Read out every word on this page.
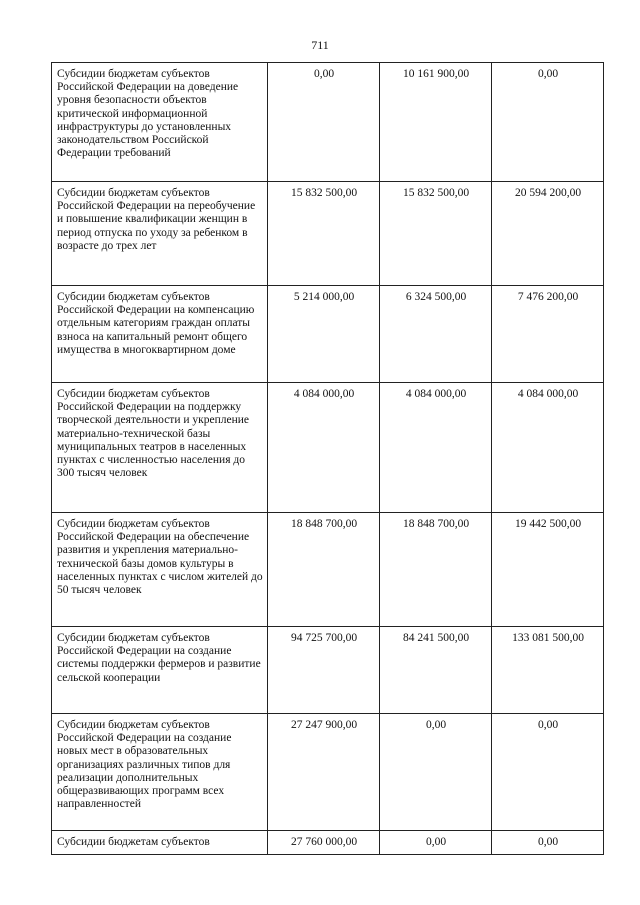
711
Субсидии бюджетам субъектов Российской Федерации на доведение уровня безопасности объектов критической информационной инфраструктуры до установленных законодательством Российской Федерации требований	0,00	10 161 900,00	0,00
Субсидии бюджетам субъектов Российской Федерации на переобучение и повышение квалификации женщин в период отпуска по уходу за ребенком в возрасте до трех лет	15 832 500,00	15 832 500,00	20 594 200,00
Субсидии бюджетам субъектов Российской Федерации на компенсацию отдельным категориям граждан оплаты взноса на капитальный ремонт общего имущества в многоквартирном доме	5 214 000,00	6 324 500,00	7 476 200,00
Субсидии бюджетам субъектов Российской Федерации на поддержку творческой деятельности и укрепление материально-технической базы муниципальных театров в населенных пунктах с численностью населения до 300 тысяч человек	4 084 000,00	4 084 000,00	4 084 000,00
Субсидии бюджетам субъектов Российской Федерации на обеспечение развития и укрепления материально-технической базы домов культуры в населенных пунктах с числом жителей до 50 тысяч человек	18 848 700,00	18 848 700,00	19 442 500,00
Субсидии бюджетам субъектов Российской Федерации на создание системы поддержки фермеров и развитие сельской кооперации	94 725 700,00	84 241 500,00	133 081 500,00
Субсидии бюджетам субъектов Российской Федерации на создание новых мест в образовательных организациях различных типов для реализации дополнительных общеразвивающих программ всех направленностей	27 247 900,00	0,00	0,00
Субсидии бюджетам субъектов	27 760 000,00	0,00	0,00
